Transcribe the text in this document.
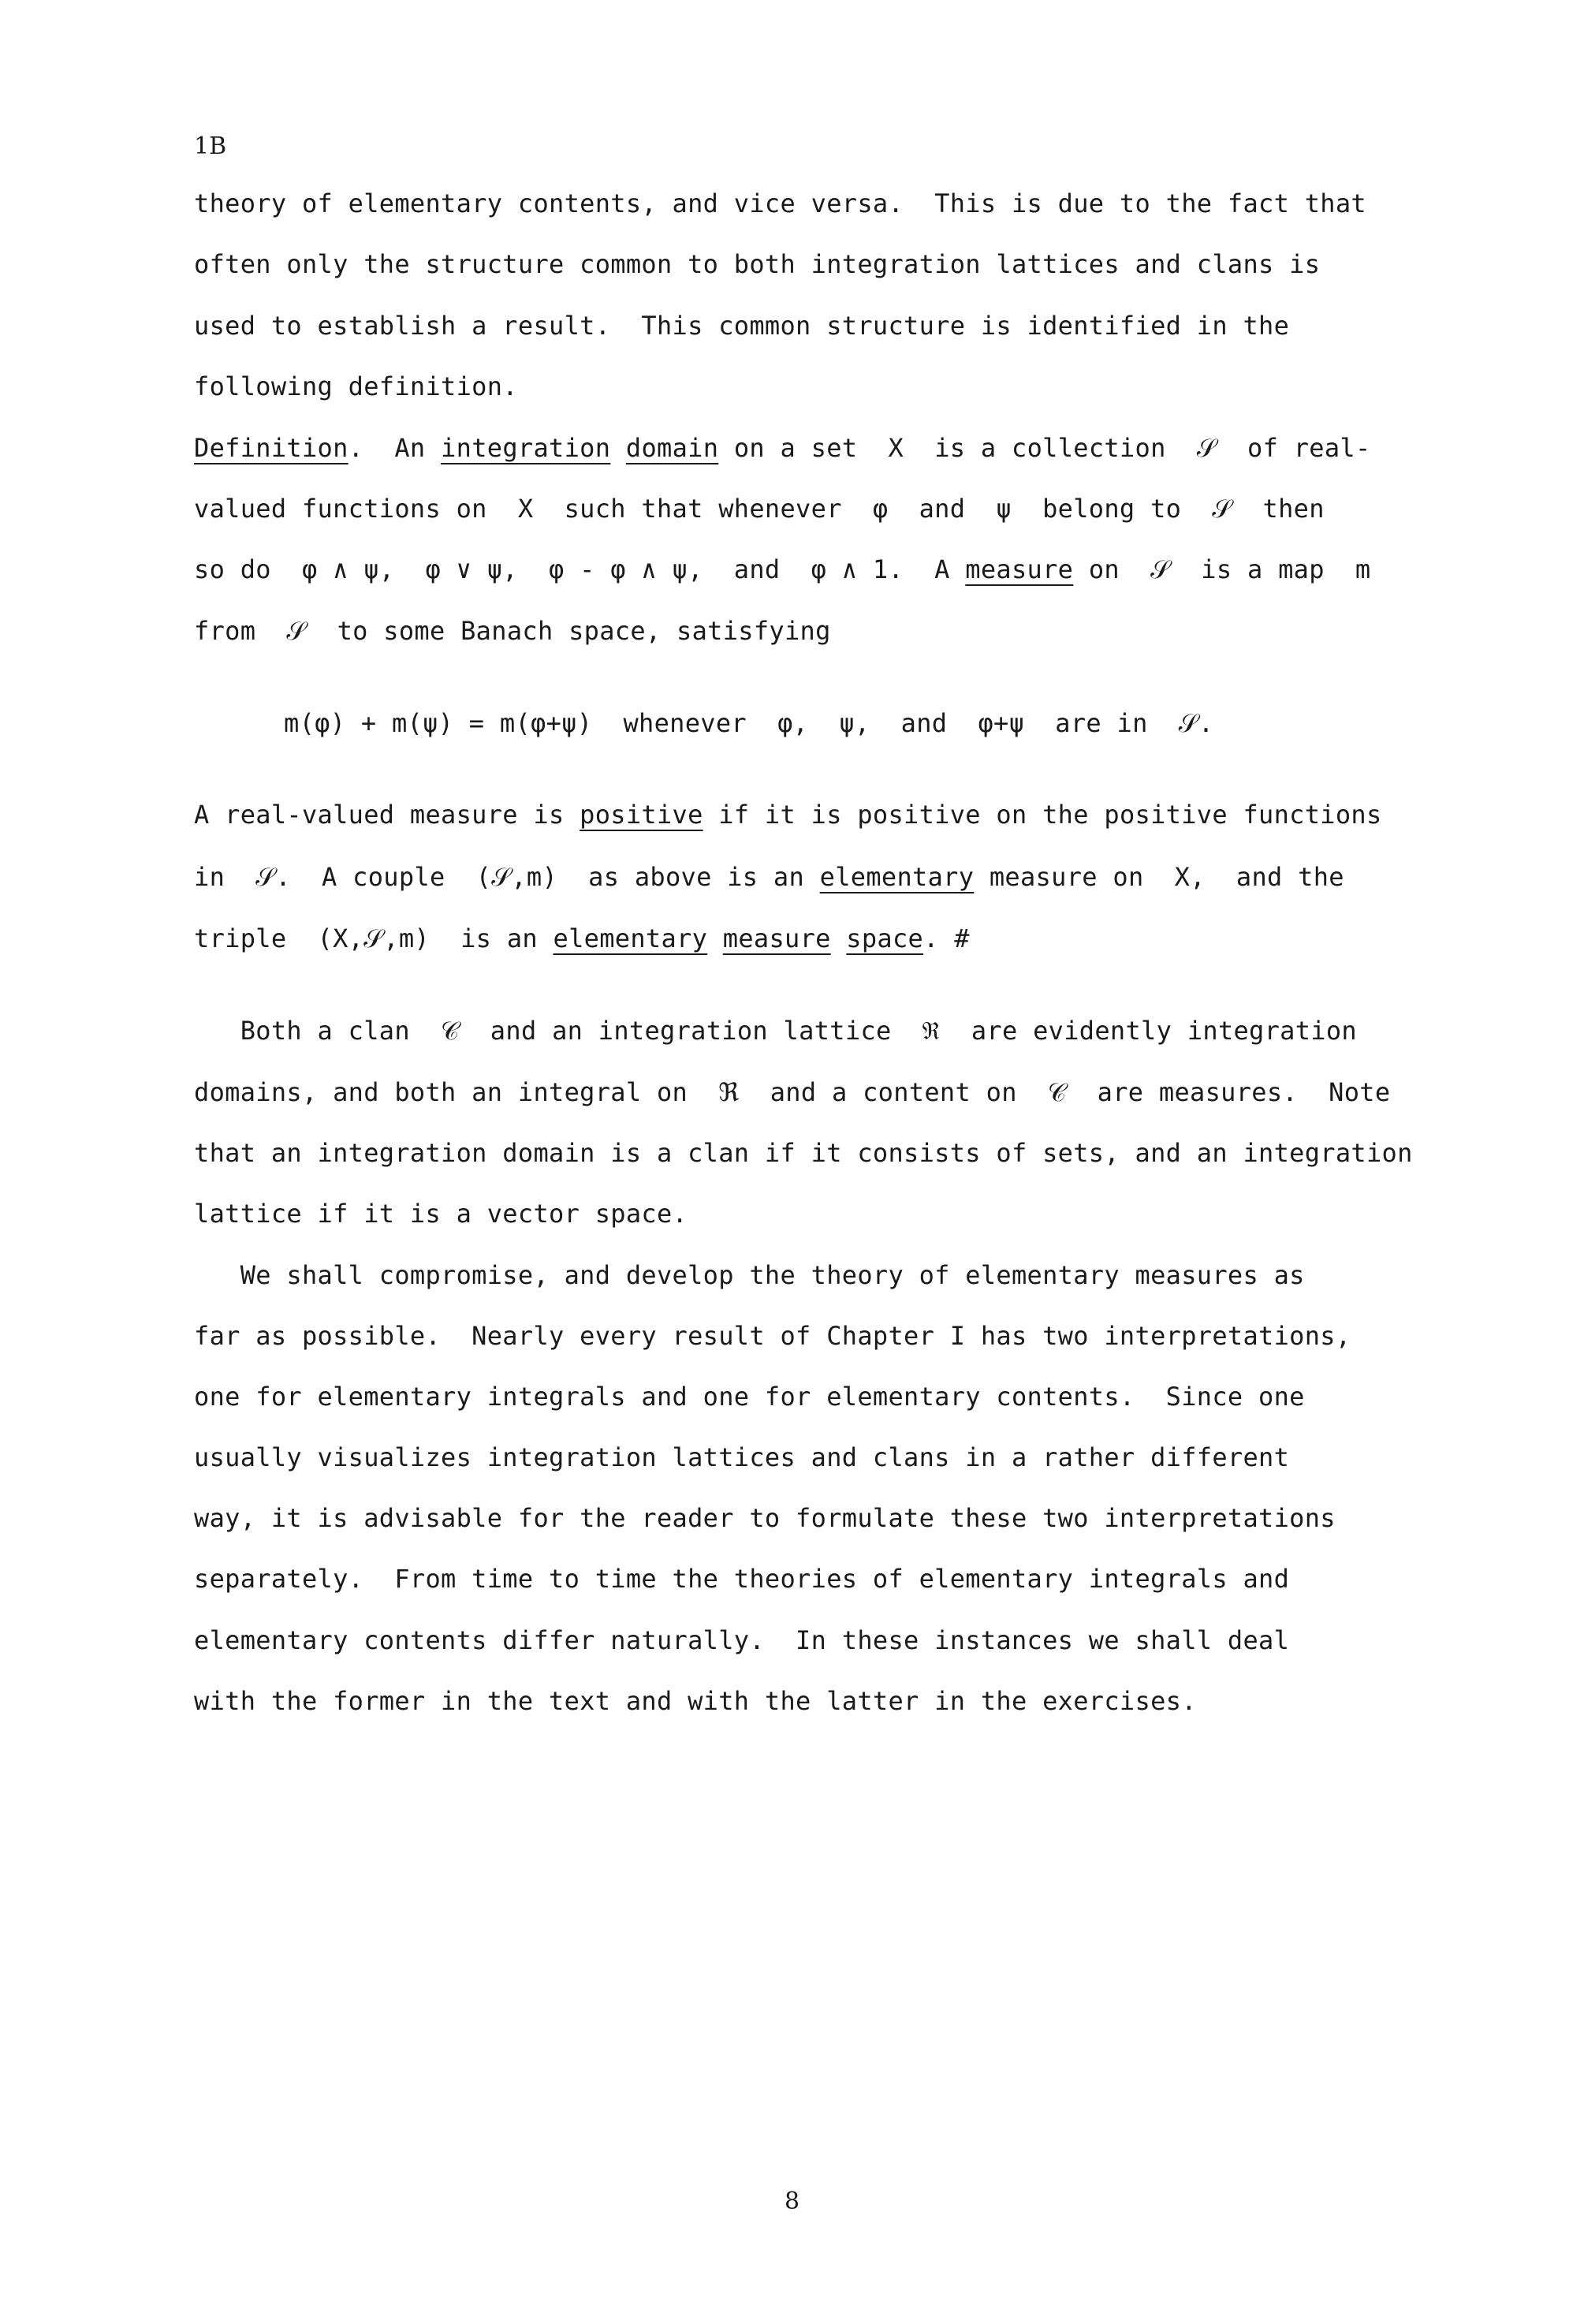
1B
theory of elementary contents, and vice versa.  This is due to the fact that
often only the structure common to both integration lattices and clans is
used to establish a result.  This common structure is identified in the
following definition.
Definition.  An integration domain on a set  X  is a collection  𝒮  of real-
valued functions on  X  such that whenever  φ  and  ψ  belong to  𝒮  then
so do  φ ∧ ψ,  φ ∨ ψ,  φ - φ ∧ ψ,  and  φ ∧ 1.  A measure on  𝒮  is a map  m
from  𝒮  to some Banach space, satisfying
m(φ) + m(ψ) = m(φ+ψ)  whenever  φ,  ψ,  and  φ+ψ  are in  𝒮.
A real-valued measure is positive if it is positive on the positive functions
in  𝒮.  A couple  (𝒮,m)  as above is an elementary measure on  X,  and the
triple  (X,𝒮,m)  is an elementary measure space. #
Both a clan  𝒞  and an integration lattice  ℜ  are evidently integration
domains, and both an integral on  ℜ  and a content on  𝒞  are measures.  Note
that an integration domain is a clan if it consists of sets, and an integration
lattice if it is a vector space.
We shall compromise, and develop the theory of elementary measures as
far as possible.  Nearly every result of Chapter I has two interpretations,
one for elementary integrals and one for elementary contents.  Since one
usually visualizes integration lattices and clans in a rather different
way, it is advisable for the reader to formulate these two interpretations
separately.  From time to time the theories of elementary integrals and
elementary contents differ naturally.  In these instances we shall deal
with the former in the text and with the latter in the exercises.
8
